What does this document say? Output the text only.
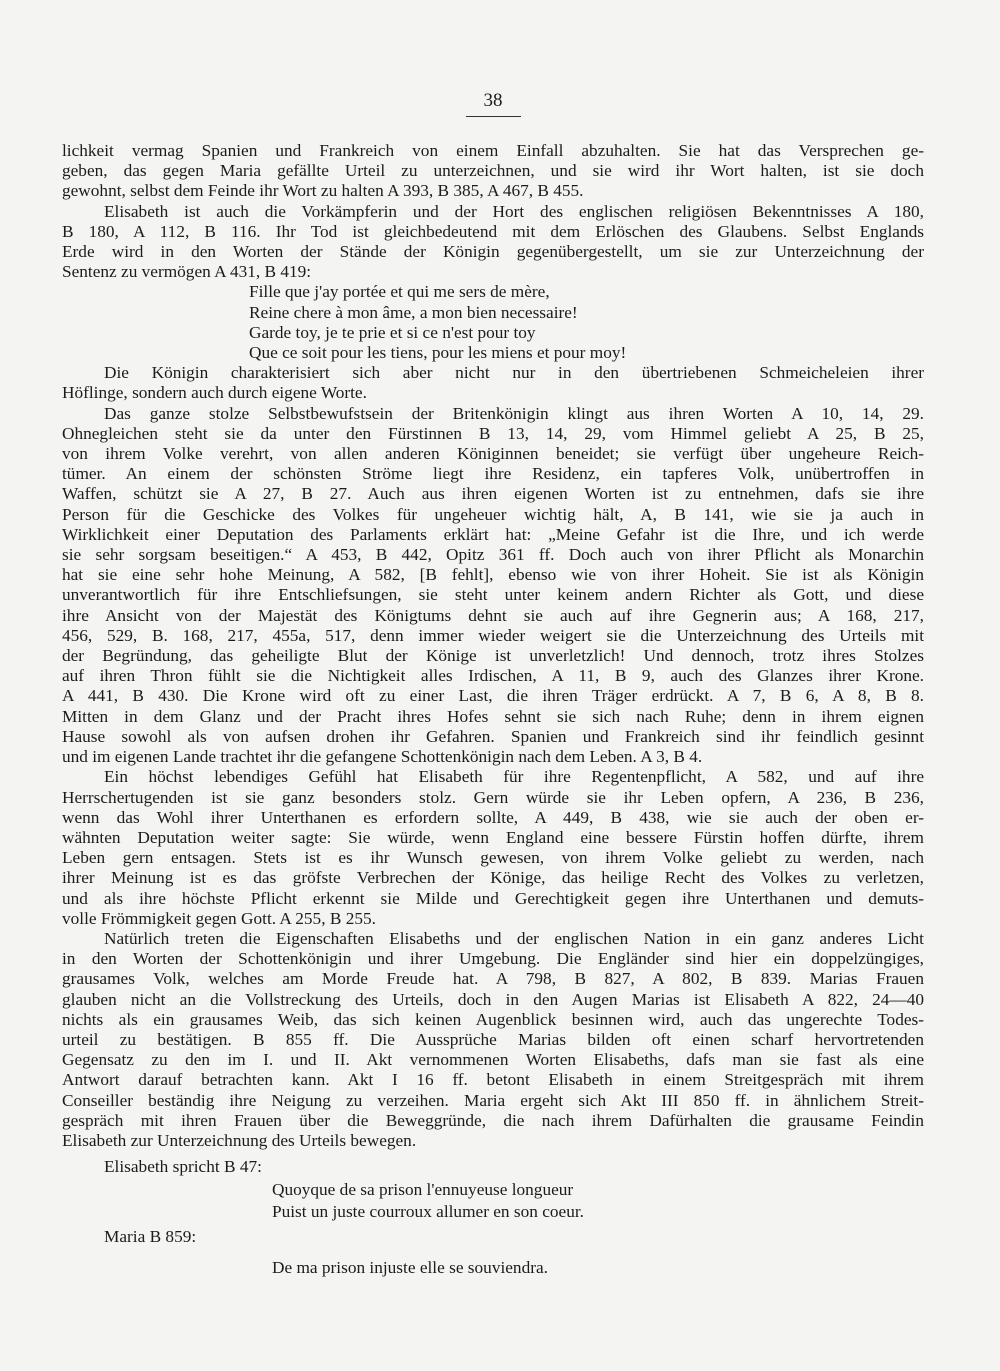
38
lichkeit vermag Spanien und Frankreich von einem Einfall abzuhalten. Sie hat das Versprechen ge-
geben, das gegen Maria gefällte Urteil zu unterzeichnen, und sie wird ihr Wort halten, ist sie doch
gewohnt, selbst dem Feinde ihr Wort zu halten A 393, B 385, A 467, B 455.
Elisabeth ist auch die Vorkämpferin und der Hort des englischen religiösen Bekenntnisses A 180,
B 180, A 112, B 116. Ihr Tod ist gleichbedeutend mit dem Erlöschen des Glaubens. Selbst Englands
Erde wird in den Worten der Stände der Königin gegenübergestellt, um sie zur Unterzeichnung der
Sentenz zu vermögen A 431, B 419:
Fille que j'ay portée et qui me sers de mère,
Reine chere à mon âme, a mon bien necessaire!
Garde toy, je te prie et si ce n'est pour toy
Que ce soit pour les tiens, pour les miens et pour moy!
Die Königin charakterisiert sich aber nicht nur in den übertriebenen Schmeicheleien ihrer
Höflinge, sondern auch durch eigene Worte.
Das ganze stolze Selbstbewufstsein der Britenkönigin klingt aus ihren Worten A 10, 14, 29.
Ohnegleichen steht sie da unter den Fürstinnen B 13, 14, 29, vom Himmel geliebt A 25, B 25,
von ihrem Volke verehrt, von allen anderen Königinnen beneidet; sie verfügt über ungeheure Reich-
tümer. An einem der schönsten Ströme liegt ihre Residenz, ein tapferes Volk, unübertroffen in
Waffen, schützt sie A 27, B 27. Auch aus ihren eigenen Worten ist zu entnehmen, dafs sie ihre
Person für die Geschicke des Volkes für ungeheuer wichtig hält, A, B 141, wie sie ja auch in
Wirklichkeit einer Deputation des Parlaments erklärt hat: „Meine Gefahr ist die Ihre, und ich werde
sie sehr sorgsam beseitigen.“ A 453, B 442, Opitz 361 ff. Doch auch von ihrer Pflicht als Monarchin
hat sie eine sehr hohe Meinung, A 582, [B fehlt], ebenso wie von ihrer Hoheit. Sie ist als Königin
unverantwortlich für ihre Entschliefsungen, sie steht unter keinem andern Richter als Gott, und diese
ihre Ansicht von der Majestät des Königtums dehnt sie auch auf ihre Gegnerin aus; A 168, 217,
456, 529, B. 168, 217, 455a, 517, denn immer wieder weigert sie die Unterzeichnung des Urteils mit
der Begründung, das geheiligte Blut der Könige ist unverletzlich! Und dennoch, trotz ihres Stolzes
auf ihren Thron fühlt sie die Nichtigkeit alles Irdischen, A 11, B 9, auch des Glanzes ihrer Krone.
A 441, B 430. Die Krone wird oft zu einer Last, die ihren Träger erdrückt. A 7, B 6, A 8, B 8.
Mitten in dem Glanz und der Pracht ihres Hofes sehnt sie sich nach Ruhe; denn in ihrem eignen
Hause sowohl als von aufsen drohen ihr Gefahren. Spanien und Frankreich sind ihr feindlich gesinnt
und im eigenen Lande trachtet ihr die gefangene Schottenkönigin nach dem Leben. A 3, B 4.
Ein höchst lebendiges Gefühl hat Elisabeth für ihre Regentenpflicht, A 582, und auf ihre
Herrschertugenden ist sie ganz besonders stolz. Gern würde sie ihr Leben opfern, A 236, B 236,
wenn das Wohl ihrer Unterthanen es erfordern sollte, A 449, B 438, wie sie auch der oben er-
wähnten Deputation weiter sagte: Sie würde, wenn England eine bessere Fürstin hoffen dürfte, ihrem
Leben gern entsagen. Stets ist es ihr Wunsch gewesen, von ihrem Volke geliebt zu werden, nach
ihrer Meinung ist es das gröfste Verbrechen der Könige, das heilige Recht des Volkes zu verletzen,
und als ihre höchste Pflicht erkennt sie Milde und Gerechtigkeit gegen ihre Unterthanen und demuts-
volle Frömmigkeit gegen Gott. A 255, B 255.
Natürlich treten die Eigenschaften Elisabeths und der englischen Nation in ein ganz anderes Licht
in den Worten der Schottenkönigin und ihrer Umgebung. Die Engländer sind hier ein doppelzüngiges,
grausames Volk, welches am Morde Freude hat. A 798, B 827, A 802, B 839. Marias Frauen
glauben nicht an die Vollstreckung des Urteils, doch in den Augen Marias ist Elisabeth A 822, 24—40
nichts als ein grausames Weib, das sich keinen Augenblick besinnen wird, auch das ungerechte Todes-
urteil zu bestätigen. B 855 ff. Die Aussprüche Marias bilden oft einen scharf hervortretenden
Gegensatz zu den im I. und II. Akt vernommenen Worten Elisabeths, dafs man sie fast als eine
Antwort darauf betrachten kann. Akt I 16 ff. betont Elisabeth in einem Streitgespräch mit ihrem
Conseiller beständig ihre Neigung zu verzeihen. Maria ergeht sich Akt III 850 ff. in ähnlichem Streit-
gespräch mit ihren Frauen über die Beweggründe, die nach ihrem Dafürhalten die grausame Feindin
Elisabeth zur Unterzeichnung des Urteils bewegen.
Elisabeth spricht B 47:
Quoyque de sa prison l'ennuyeuse longueur
Puist un juste courroux allumer en son coeur.
Maria B 859:
De ma prison injuste elle se souviendra.
